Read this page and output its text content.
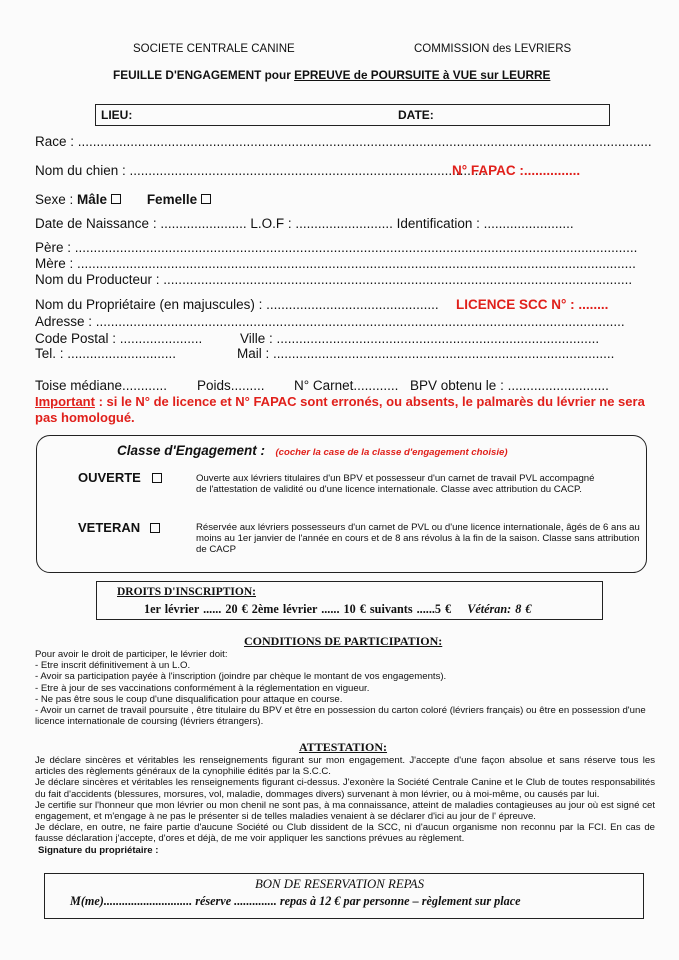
SOCIETE CENTRALE CANINE	COMMISSION des LEVRIERS
FEUILLE D'ENGAGEMENT pour EPREUVE de POURSUITE à VUE sur LEURRE
LIEU:	DATE:
Race : .........................................................................................................................................................
Nom du chien : ...............................................................................................
N° FAPAC :...............
Sexe : Mâle	Femelle
Date de Naissance : ....................... L.O.F : .......................... Identification : ........................
Père : ......................................................................................................................................................
Mère : .....................................................................................................................................................
Nom du Producteur : .............................................................................................................................
Nom du Propriétaire (en majuscules) : .............................................. LICENCE SCC N° : ........
Adresse : .............................................................................................................................................
Code Postal : ......................	Ville : ......................................................................................
Tel. : .............................	Mail : ...........................................................................................
Toise médiane............ Poids......... N° Carnet............ BPV obtenu le : ...........................
Important : si le N° de licence et N° FAPAC sont erronés, ou absents, le palmarès du lévrier ne sera pas homologué.
Classe d'Engagement : (cocher la case de la classe d'engagement choisie)
OUVERTE	Ouverte aux lévriers titulaires d'un BPV et possesseur d'un carnet de travail PVL accompagné de l'attestation de validité ou d'une licence internationale. Classe avec attribution du CACP.
VETERAN	Réservée aux lévriers possesseurs d'un carnet de PVL ou d'une licence internationale, âgés de 6 ans au moins au 1er janvier de l'année en cours et de 8 ans révolus à la fin de la saison. Classe sans attribution de CACP
DROITS D'INSCRIPTION:
1er lévrier ...... 20 € 2ème lévrier ...... 10 € suivants ......5 € Vétéran: 8 €
CONDITIONS DE PARTICIPATION:
Pour avoir le droit de participer, le lévrier doit:
- Etre inscrit définitivement à un L.O.
- Avoir sa participation payée à l'inscription (joindre par chèque le montant de vos engagements).
- Etre à jour de ses vaccinations conformément à la réglementation en vigueur.
- Ne pas être sous le coup d'une disqualification pour attaque en course.
- Avoir un carnet de travail poursuite , être titulaire du BPV et être en possession du carton coloré (lévriers français) ou être en possession d'une licence internationale de coursing (lévriers étrangers).
ATTESTATION:
Je déclare sincères et véritables les renseignements figurant sur mon engagement. J'accepte d'une façon absolue et sans réserve tous les articles des règlements généraux de la cynophilie édités par la S.C.C.
Je déclare sincères et véritables les renseignements figurant ci-dessus. J'exonère la Société Centrale Canine et le Club de toutes responsabilités du fait d'accidents (blessures, morsures, vol, maladie, dommages divers) survenant à mon lévrier, ou à moi-même, ou causés par lui.
Je certifie sur l'honneur que mon lévrier ou mon chenil ne sont pas, à ma connaissance, atteint de maladies contagieuses au jour où est signé cet engagement, et m'engage à ne pas le présenter si de telles maladies venaient à se déclarer d'ici au jour de l' épreuve.
Je déclare, en outre, ne faire partie d'aucune Société ou Club dissident de la SCC, ni d'aucun organisme non reconnu par la FCI. En cas de fausse déclaration j'accepte, d'ores et déjà, de me voir appliquer les sanctions prévues au règlement.
Signature du propriétaire :
BON DE RESERVATION REPAS
M(me)............................. réserve .............. repas à 12 € par personne – règlement sur place
